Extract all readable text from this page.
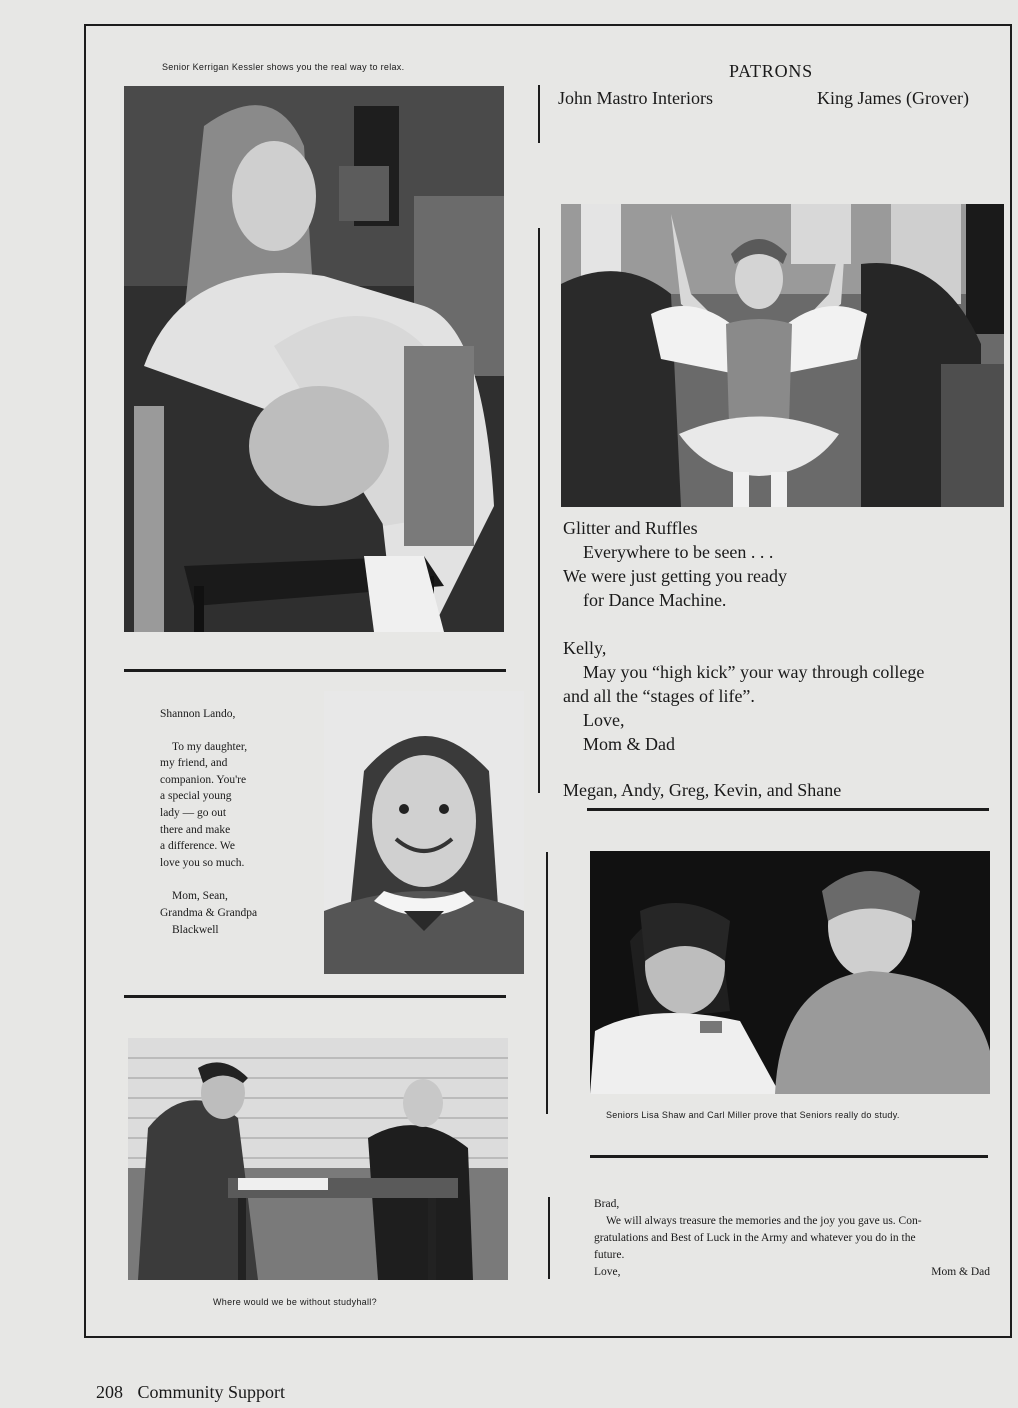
Senior Kerrigan Kessler shows you the real way to relax.
Shannon Lando,
To my daughter,
my friend, and
companion. You're
a special young
lady — go out
there and make
a difference. We
love you so much.
Mom, Sean,
Grandma & Grandpa
Blackwell
Where would we be without studyhall?
PATRONS
John Mastro Interiors	King James (Grover)
Glitter and Ruffles
Everywhere to be seen . . .
We were just getting you ready
for Dance Machine.
Kelly,
May you “high kick” your way through college
and all the “stages of life”.
Love,
Mom & Dad
Megan, Andy, Greg, Kevin, and Shane
Seniors Lisa Shaw and Carl Miller prove that Seniors really do study.
Brad,
We will always treasure the memories and the joy you gave us. Con-
gratulations and Best of Luck in the Army and whatever you do in the
future.
Love,	Mom & Dad
208 Community Support
